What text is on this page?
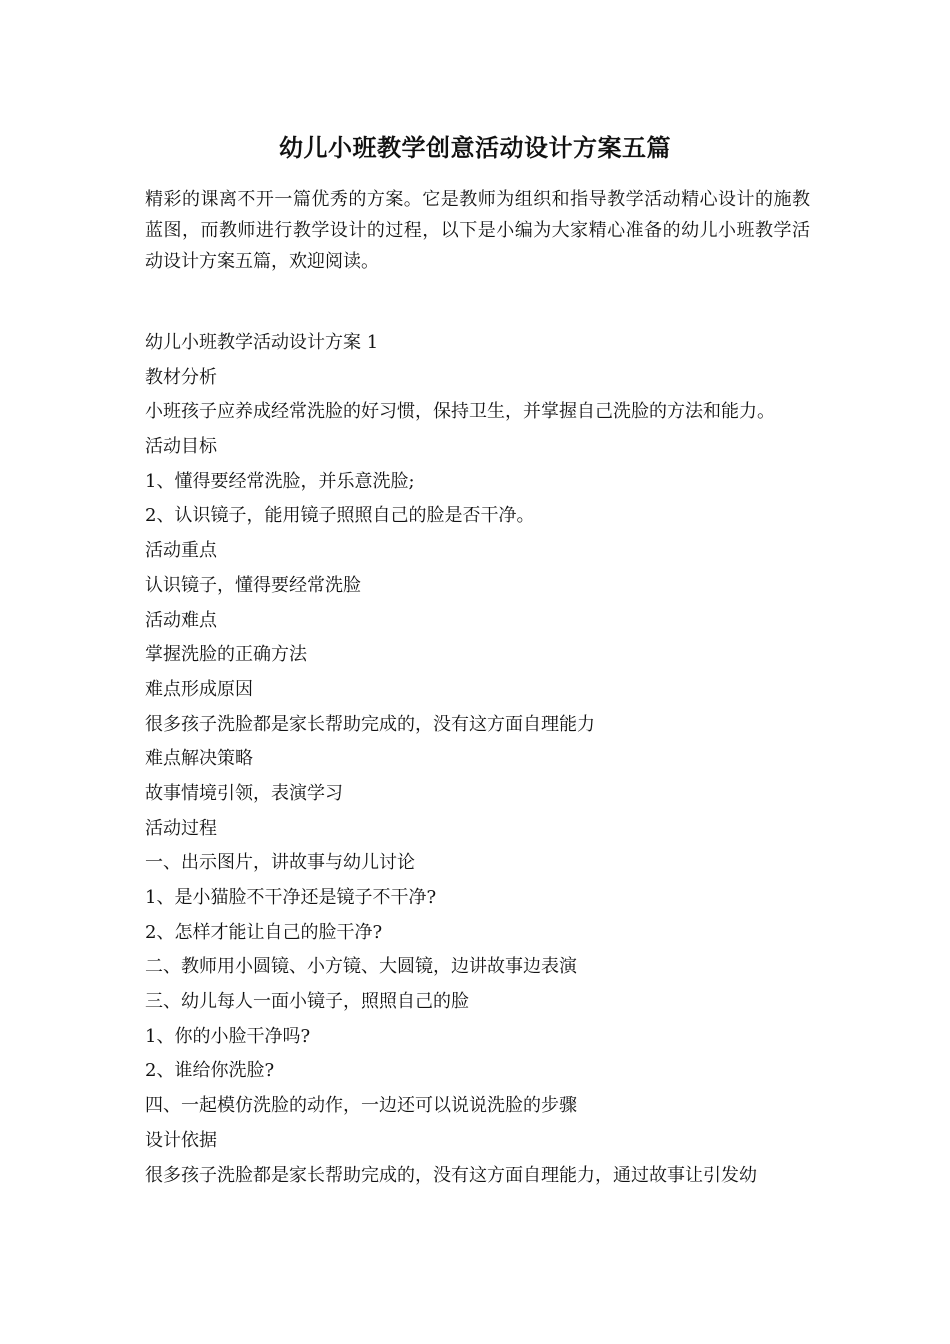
幼儿小班教学创意活动设计方案五篇

精彩的课离不开一篇优秀的方案。它是教师为组织和指导教学活动精心设计的施教蓝图，而教师进行教学设计的过程，以下是小编为大家精心准备的幼儿小班教学活动设计方案五篇，欢迎阅读。

幼儿小班教学活动设计方案 1
教材分析
小班孩子应养成经常洗脸的好习惯，保持卫生，并掌握自己洗脸的方法和能力。
活动目标
1、懂得要经常洗脸，并乐意洗脸;
2、认识镜子，能用镜子照照自己的脸是否干净。
活动重点
认识镜子，懂得要经常洗脸
活动难点
掌握洗脸的正确方法
难点形成原因
很多孩子洗脸都是家长帮助完成的，没有这方面自理能力
难点解决策略
故事情境引领，表演学习
活动过程
一、出示图片，讲故事与幼儿讨论
1、是小猫脸不干净还是镜子不干净?
2、怎样才能让自己的脸干净?
二、教师用小圆镜、小方镜、大圆镜，边讲故事边表演
三、幼儿每人一面小镜子，照照自己的脸
1、你的小脸干净吗?
2、谁给你洗脸?
四、一起模仿洗脸的动作，一边还可以说说洗脸的步骤
设计依据
很多孩子洗脸都是家长帮助完成的，没有这方面自理能力，通过故事让引发幼
